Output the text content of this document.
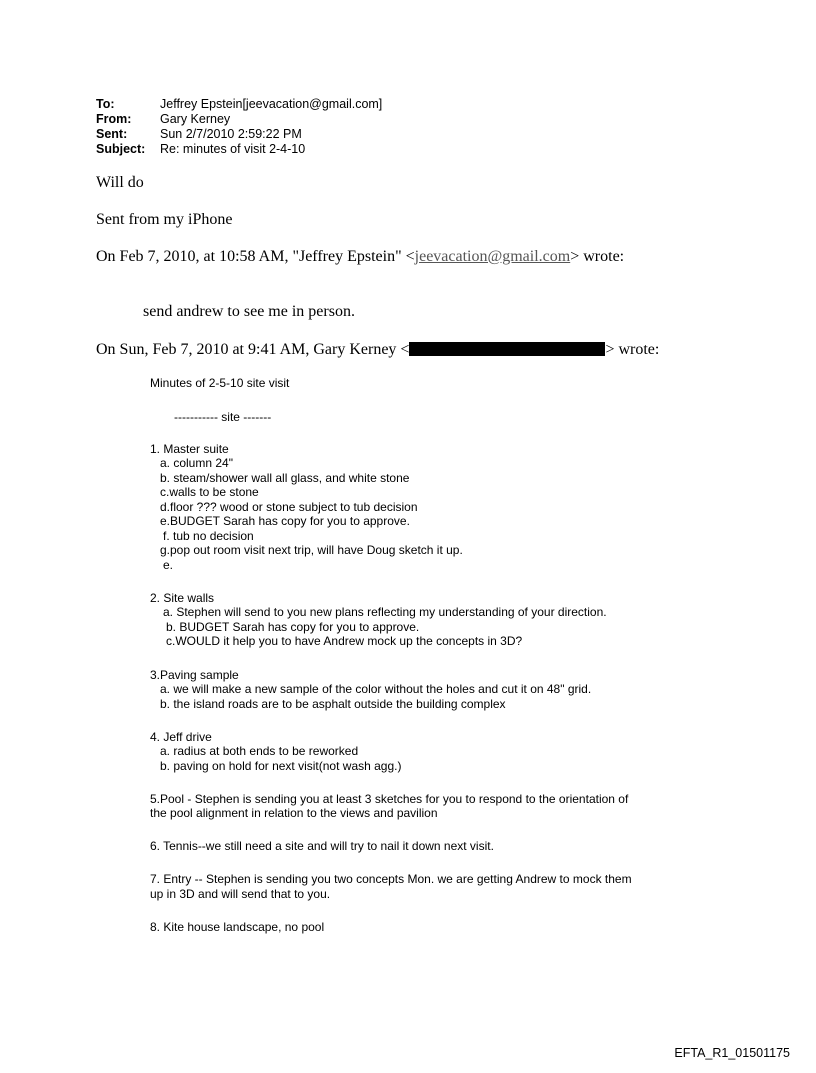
To:	Jeffrey Epstein[jeevacation@gmail.com]
From: Gary Kerney
Sent:	Sun 2/7/2010 2:59:22 PM
Subject: Re: minutes of visit 2-4-10
Will do
Sent from my iPhone
On Feb 7, 2010, at 10:58 AM, "Jeffrey Epstein" <jeevacation@gmail.com> wrote:
send andrew to see me in person.
On Sun, Feb 7, 2010 at 9:41 AM, Gary Kerney <	> wrote:
Minutes of 2-5-10 site visit
----------- site -------
1. Master suite
a. column 24"
b. steam/shower wall all glass, and white stone
c.walls to be stone
d.floor ??? wood or stone subject to tub decision
e.BUDGET Sarah has copy for you to approve.
f. tub no decision
g.pop out room visit next trip, will have Doug sketch it up.
e.
2. Site walls
a. Stephen will send to you new plans reflecting my understanding of your direction.
b. BUDGET Sarah has copy for you to approve.
c.WOULD it help you to have Andrew mock up the concepts in 3D?
3.Paving sample
a. we will make a new sample of the color without the holes and cut it on 48" grid.
b. the island roads are to be asphalt outside the building complex
4. Jeff drive
a. radius at both ends to be reworked
b. paving on hold for next visit(not wash agg.)
5.Pool - Stephen is sending you at least 3 sketches for you to respond to the orientation of
the pool alignment in relation to the views and pavilion
6. Tennis--we still need a site and will try to nail it down next visit.
7. Entry -- Stephen is sending you two concepts Mon. we are getting Andrew to mock them
up in 3D and will send that to you.
8. Kite house landscape, no pool
EFTA_R1_01501175
